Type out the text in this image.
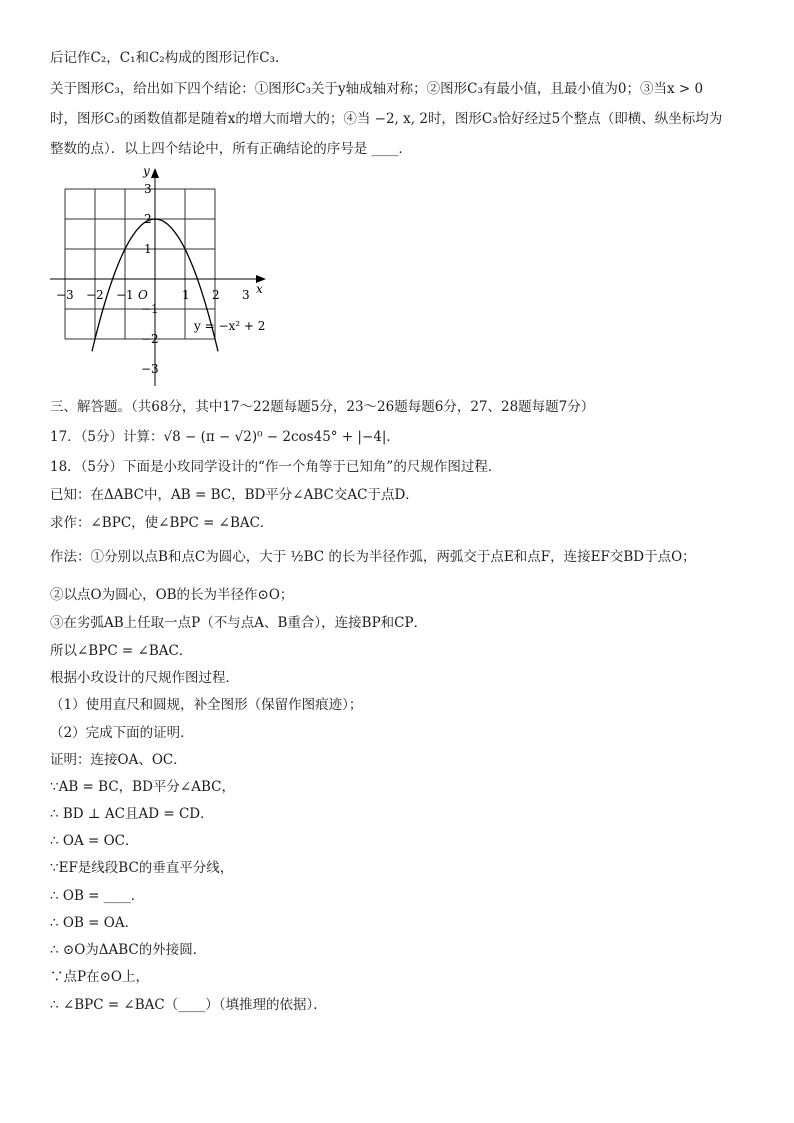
后记作C₂，C₁和C₂构成的图形记作C₃．
关于图形C₃，给出如下四个结论：①图形C₃关于y轴成轴对称；②图形C₃有最小值，且最小值为0；③当x > 0
时，图形C₃的函数值都是随着x的增大而增大的；④当 −2, x, 2时，图形C₃恰好经过5个整点（即横、纵坐标均为
整数的点）．以上四个结论中，所有正确结论的序号是 ____．
x
y
O
−3 −2 −1	1 2 3
3
2
1
−1
−2
−3
y = −x² + 2
三、解答题。（共68分，其中17～22题每题5分，23～26题每题6分，27、28题每题7分）
17．（5分）计算：√8 − (π − √2)⁰ − 2cos45° + |−4|．
18．（5分）下面是小玫同学设计的“作一个角等于已知角”的尺规作图过程．
已知：在ΔABC中，AB = BC，BD平分∠ABC交AC于点D．
求作：∠BPC，使∠BPC = ∠BAC．
作法：①分别以点B和点C为圆心，大于 ½BC 的长为半径作弧，两弧交于点E和点F，连接EF交BD于点O；
②以点O为圆心，OB的长为半径作⊙O；
③在劣弧AB上任取一点P（不与点A、B重合），连接BP和CP．
所以∠BPC = ∠BAC．
根据小玫设计的尺规作图过程．
（1）使用直尺和圆规，补全图形（保留作图痕迹）；
（2）完成下面的证明．
证明：连接OA、OC．
∵AB = BC，BD平分∠ABC，
∴ BD ⊥ AC且AD = CD．
∴ OA = OC．
∵EF是线段BC的垂直平分线，
∴ OB = ____．
∴ OB = OA．
∴ ⊙O为ΔABC的外接圆．
∵点P在⊙O上，
∴ ∠BPC = ∠BAC（____）（填推理的依据）．
